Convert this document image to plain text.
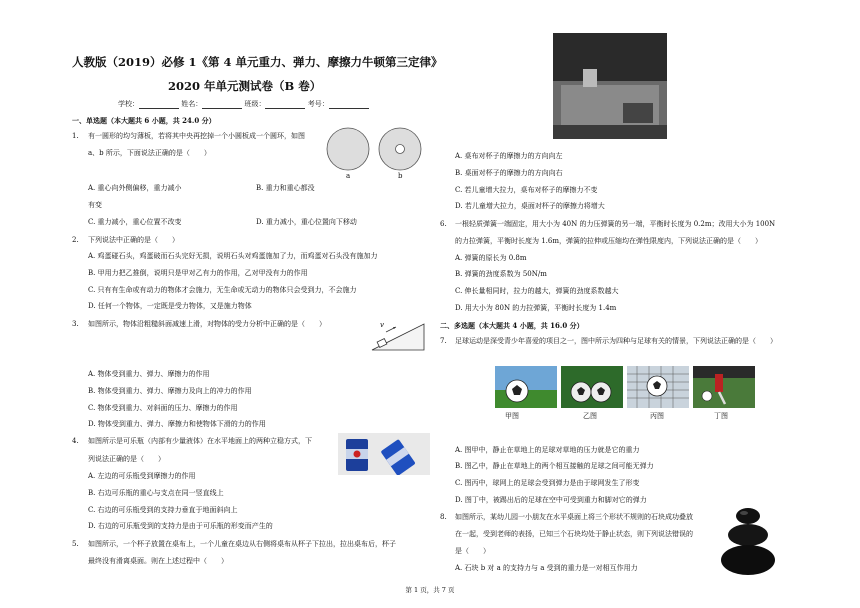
人教版（2019）必修 1《第 4 单元重力、弹力、摩擦力牛顿第三定律》
2020 年单元测试卷（B 卷）
学校：	姓名：	班级：	考号：
一、单选题（本大题共 6 小题，共 24.0 分）
1. 有一圆形的均匀薄板，若将其中央再挖掉一个小圆板成一个圆环，如图
a、b 所示，下面说法正确的是（　　）
a	b
A. 重心向外侧偏移，重力减小	B. 重力和重心都没
有变
C. 重力减小，重心位置不改变	D. 重力减小，重心位置向下移动
2. 下列说法中正确的是（　　）
A. 鸡蛋碰石头，鸡蛋破而石头完好无损，说明石头对鸡蛋施加了力，而鸡蛋对石头没有施加力
B. 甲用力把乙推倒，说明只是甲对乙有力的作用，乙对甲没有力的作用
C. 只有有生命或有动力的物体才会施力，无生命或无动力的物体只会受到力，不会施力
D. 任何一个物体，一定既是受力物体，又是施力物体
3. 如图所示，物体沿粗糙斜面减速上滑，对物体的受力分析中正确的是（　　）	v
A. 物体受到重力、弹力、摩擦力的作用
B. 物体受到重力、弹力、摩擦力及向上的冲力的作用
C. 物体受到重力、对斜面的压力、摩擦力的作用
D. 物体受到重力、弹力、摩擦力和使物体下滑的力的作用
4. 如图所示是可乐瓶（内部有少量液体）在水平地面上的两种立稳方式，下
列说法正确的是（　　）
A. 左边的可乐瓶受到摩擦力的作用
B. 右边可乐瓶的重心与支点在同一竖直线上
C. 右边的可乐瓶受到的支持力垂直于地面斜向上
D. 右边的可乐瓶受到的支持力是由于可乐瓶的形变而产生的
5. 如图所示，一个杯子放置在桌布上，一个儿童在桌边从右侧将桌布从杯子下拉出，拉出桌布后，杯子
最终没有滑离桌面。则在上述过程中（　　）
A. 桌布对杯子的摩擦力的方向向左
B. 桌面对杯子的摩擦力的方向向右
C. 若儿童增大拉力，桌布对杯子的摩擦力不变
D. 若儿童增大拉力，桌面对杯子的摩擦力将增大
6. 一根轻质弹簧一端固定，用大小为 40N 的力压弹簧的另一端，平衡时长度为 0.2m；改用大小为 100N
的力拉弹簧，平衡时长度为 1.6m，弹簧的拉伸或压缩均在弹性限度内，下列说法正确的是（　　）
A. 弹簧的原长为 0.8m
B. 弹簧的劲度系数为 50N/m
C. 伸长量相同时，拉力的越大，弹簧的劲度系数越大
D. 用大小为 80N 的力拉弹簧，平衡时长度为 1.4m
二、多选题（本大题共 4 小题，共 16.0 分）
7. 足球运动是深受青少年喜爱的项目之一，图中所示为四种与足球有关的情景，下列说法正确的是（　　）
甲图	乙图	丙图	丁图
A. 图甲中，静止在草地上的足球对草地的压力就是它的重力
B. 图乙中，静止在草地上的两个相互接触的足球之间可能无弹力
C. 图丙中，球网上的足球会受到弹力是由于球网发生了形变
D. 图丁中，被踢出后的足球在空中可受到重力和脚对它的弹力
8. 如图所示，某幼儿园一小朋友在水平桌面上将三个形状不规则的石块成功叠放
在一起，受到老师的表扬，已知三个石块均处于静止状态，则下列说法错误的
是（　　）
A. 石块 b 对 a 的支持力与 a 受到的重力是一对相互作用力
第 1 页，共 7 页
